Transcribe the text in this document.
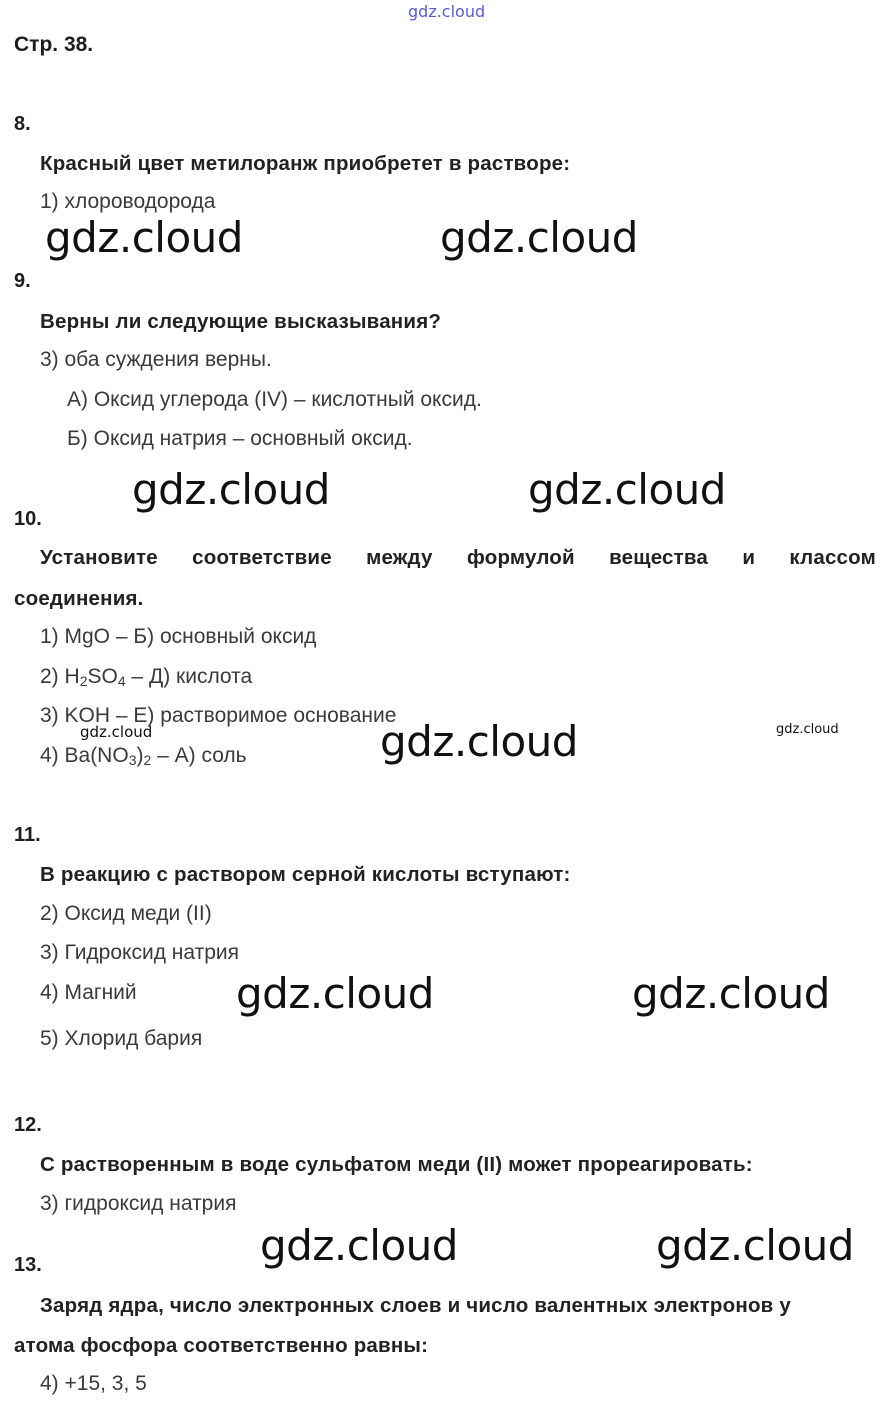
gdz.cloud
Стр. 38.
8.
Красный цвет метилоранж приобретет в растворе:
1) хлороводорода
gdz.cloud	gdz.cloud
9.
Верны ли следующие высказывания?
3) оба суждения верны.
А) Оксид углерода (IV) – кислотный оксид.
Б) Оксид натрия – основный оксид.
gdz.cloud	gdz.cloud
10.
Установите соответствие между формулой вещества и классом
соединения.
1) MgO – Б) основный оксид
2) $H_2SO_4 - Д$) кислота
3) KOH – Е) растворимое основание
gdz.cloud	gdz.cloud
4) $Ba(NO_3)_2 - А$) соль	gdz.cloud
11.
В реакцию с раствором серной кислоты вступают:
2) Оксид меди (II)
3) Гидроксид натрия
4) Магний gdz.cloud	gdz.cloud
5) Хлорид бария
12.
С растворенным в воде сульфатом меди (II) может прореагировать:
3) гидроксид натрия
gdz.cloud	gdz.cloud
13.
Заряд ядра, число электронных слоев и число валентных электронов у
атома фосфора соответственно равны:
4) +15, 3, 5
